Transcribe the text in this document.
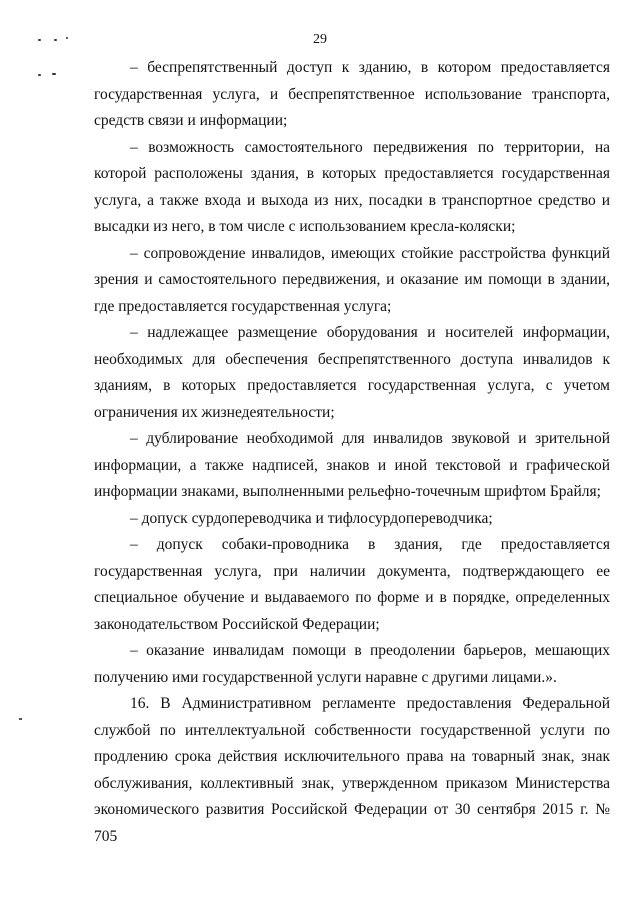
29

– беспрепятственный доступ к зданию, в котором предоставляется государственная услуга, и беспрепятственное использование транспорта, средств связи и информации;

– возможность самостоятельного передвижения по территории, на которой расположены здания, в которых предоставляется государственная услуга, а также входа и выхода из них, посадки в транспортное средство и высадки из него, в том числе с использованием кресла-коляски;

– сопровождение инвалидов, имеющих стойкие расстройства функций зрения и самостоятельного передвижения, и оказание им помощи в здании, где предоставляется государственная услуга;

– надлежащее размещение оборудования и носителей информации, необходимых для обеспечения беспрепятственного доступа инвалидов к зданиям, в которых предоставляется государственная услуга, с учетом ограничения их жизнедеятельности;

– дублирование необходимой для инвалидов звуковой и зрительной информации, а также надписей, знаков и иной текстовой и графической информации знаками, выполненными рельефно-точечным шрифтом Брайля;

– допуск сурдопереводчика и тифлосурдопереводчика;

– допуск собаки-проводника в здания, где предоставляется государственная услуга, при наличии документа, подтверждающего ее специальное обучение и выдаваемого по форме и в порядке, определенных законодательством Российской Федерации;

– оказание инвалидам помощи в преодолении барьеров, мешающих получению ими государственной услуги наравне с другими лицами.».

16. В Административном регламенте предоставления Федеральной службой по интеллектуальной собственности государственной услуги по продлению срока действия исключительного права на товарный знак, знак обслуживания, коллективный знак, утвержденном приказом Министерства экономического развития Российской Федерации от 30 сентября 2015 г. № 705
